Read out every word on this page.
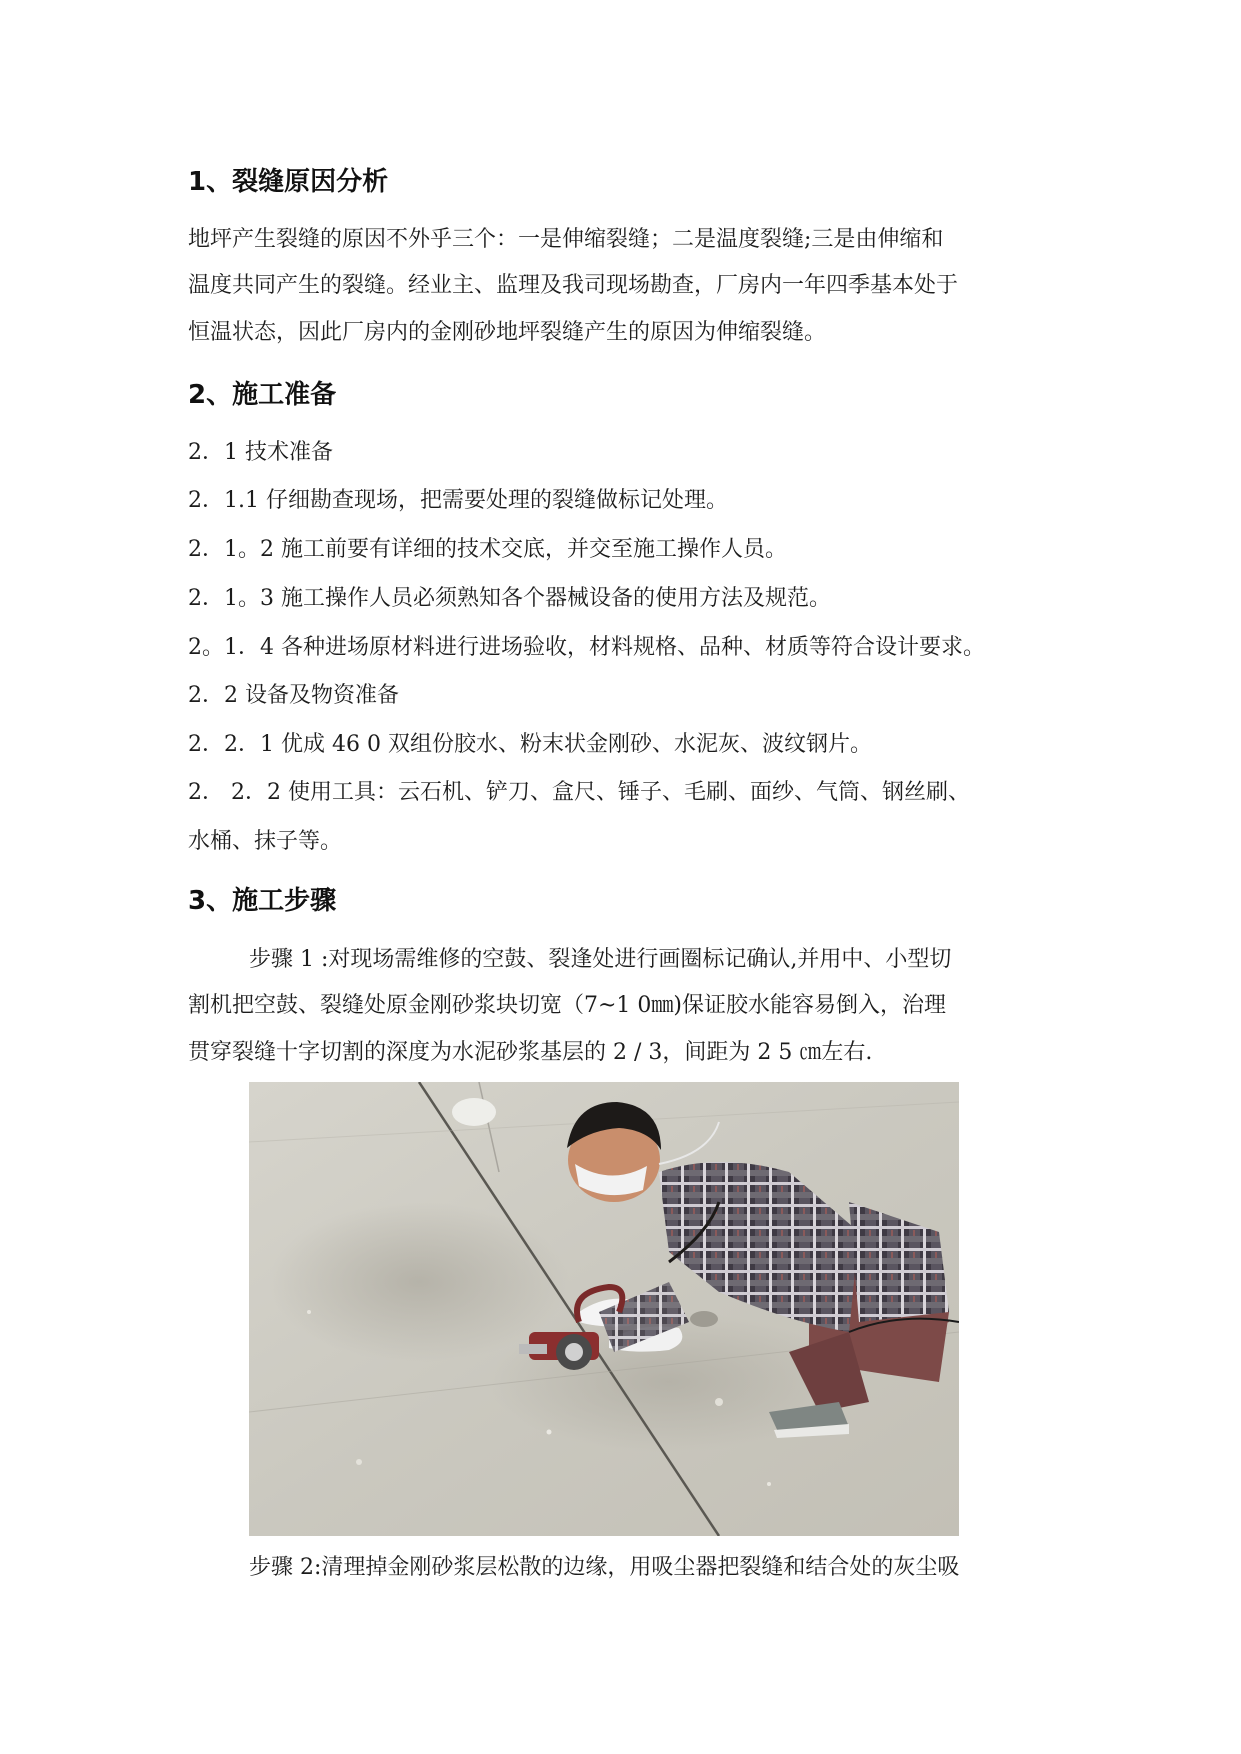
1、裂缝原因分析
地坪产生裂缝的原因不外乎三个：一是伸缩裂缝；二是温度裂缝;三是由伸缩和
温度共同产生的裂缝。经业主、监理及我司现场勘查，厂房内一年四季基本处于
恒温状态，因此厂房内的金刚砂地坪裂缝产生的原因为伸缩裂缝。
2、施工准备
2．1 技术准备
2．1.1 仔细勘查现场，把需要处理的裂缝做标记处理。
2．1。2 施工前要有详细的技术交底，并交至施工操作人员。
2．1。3 施工操作人员必须熟知各个器械设备的使用方法及规范。
2。1．4 各种进场原材料进行进场验收，材料规格、品种、材质等符合设计要求。
2．2 设备及物资准备
2．2．1 优成 46 0 双组份胶水、粉末状金刚砂、水泥灰、波纹钢片。
2． 2．2 使用工具：云石机、铲刀、盒尺、锤子、毛刷、面纱、气筒、钢丝刷、
水桶、抹子等。
3、施工步骤
步骤 1 :对现场需维修的空鼓、裂逢处进行画圈标记确认,并用中、小型切
割机把空鼓、裂缝处原金刚砂浆块切宽（7~1 0㎜)保证胶水能容易倒入，治理
贯穿裂缝十字切割的深度为水泥砂浆基层的 2 / 3，间距为 2 5 ㎝左右.
步骤 2:清理掉金刚砂浆层松散的边缘，用吸尘器把裂缝和结合处的灰尘吸
